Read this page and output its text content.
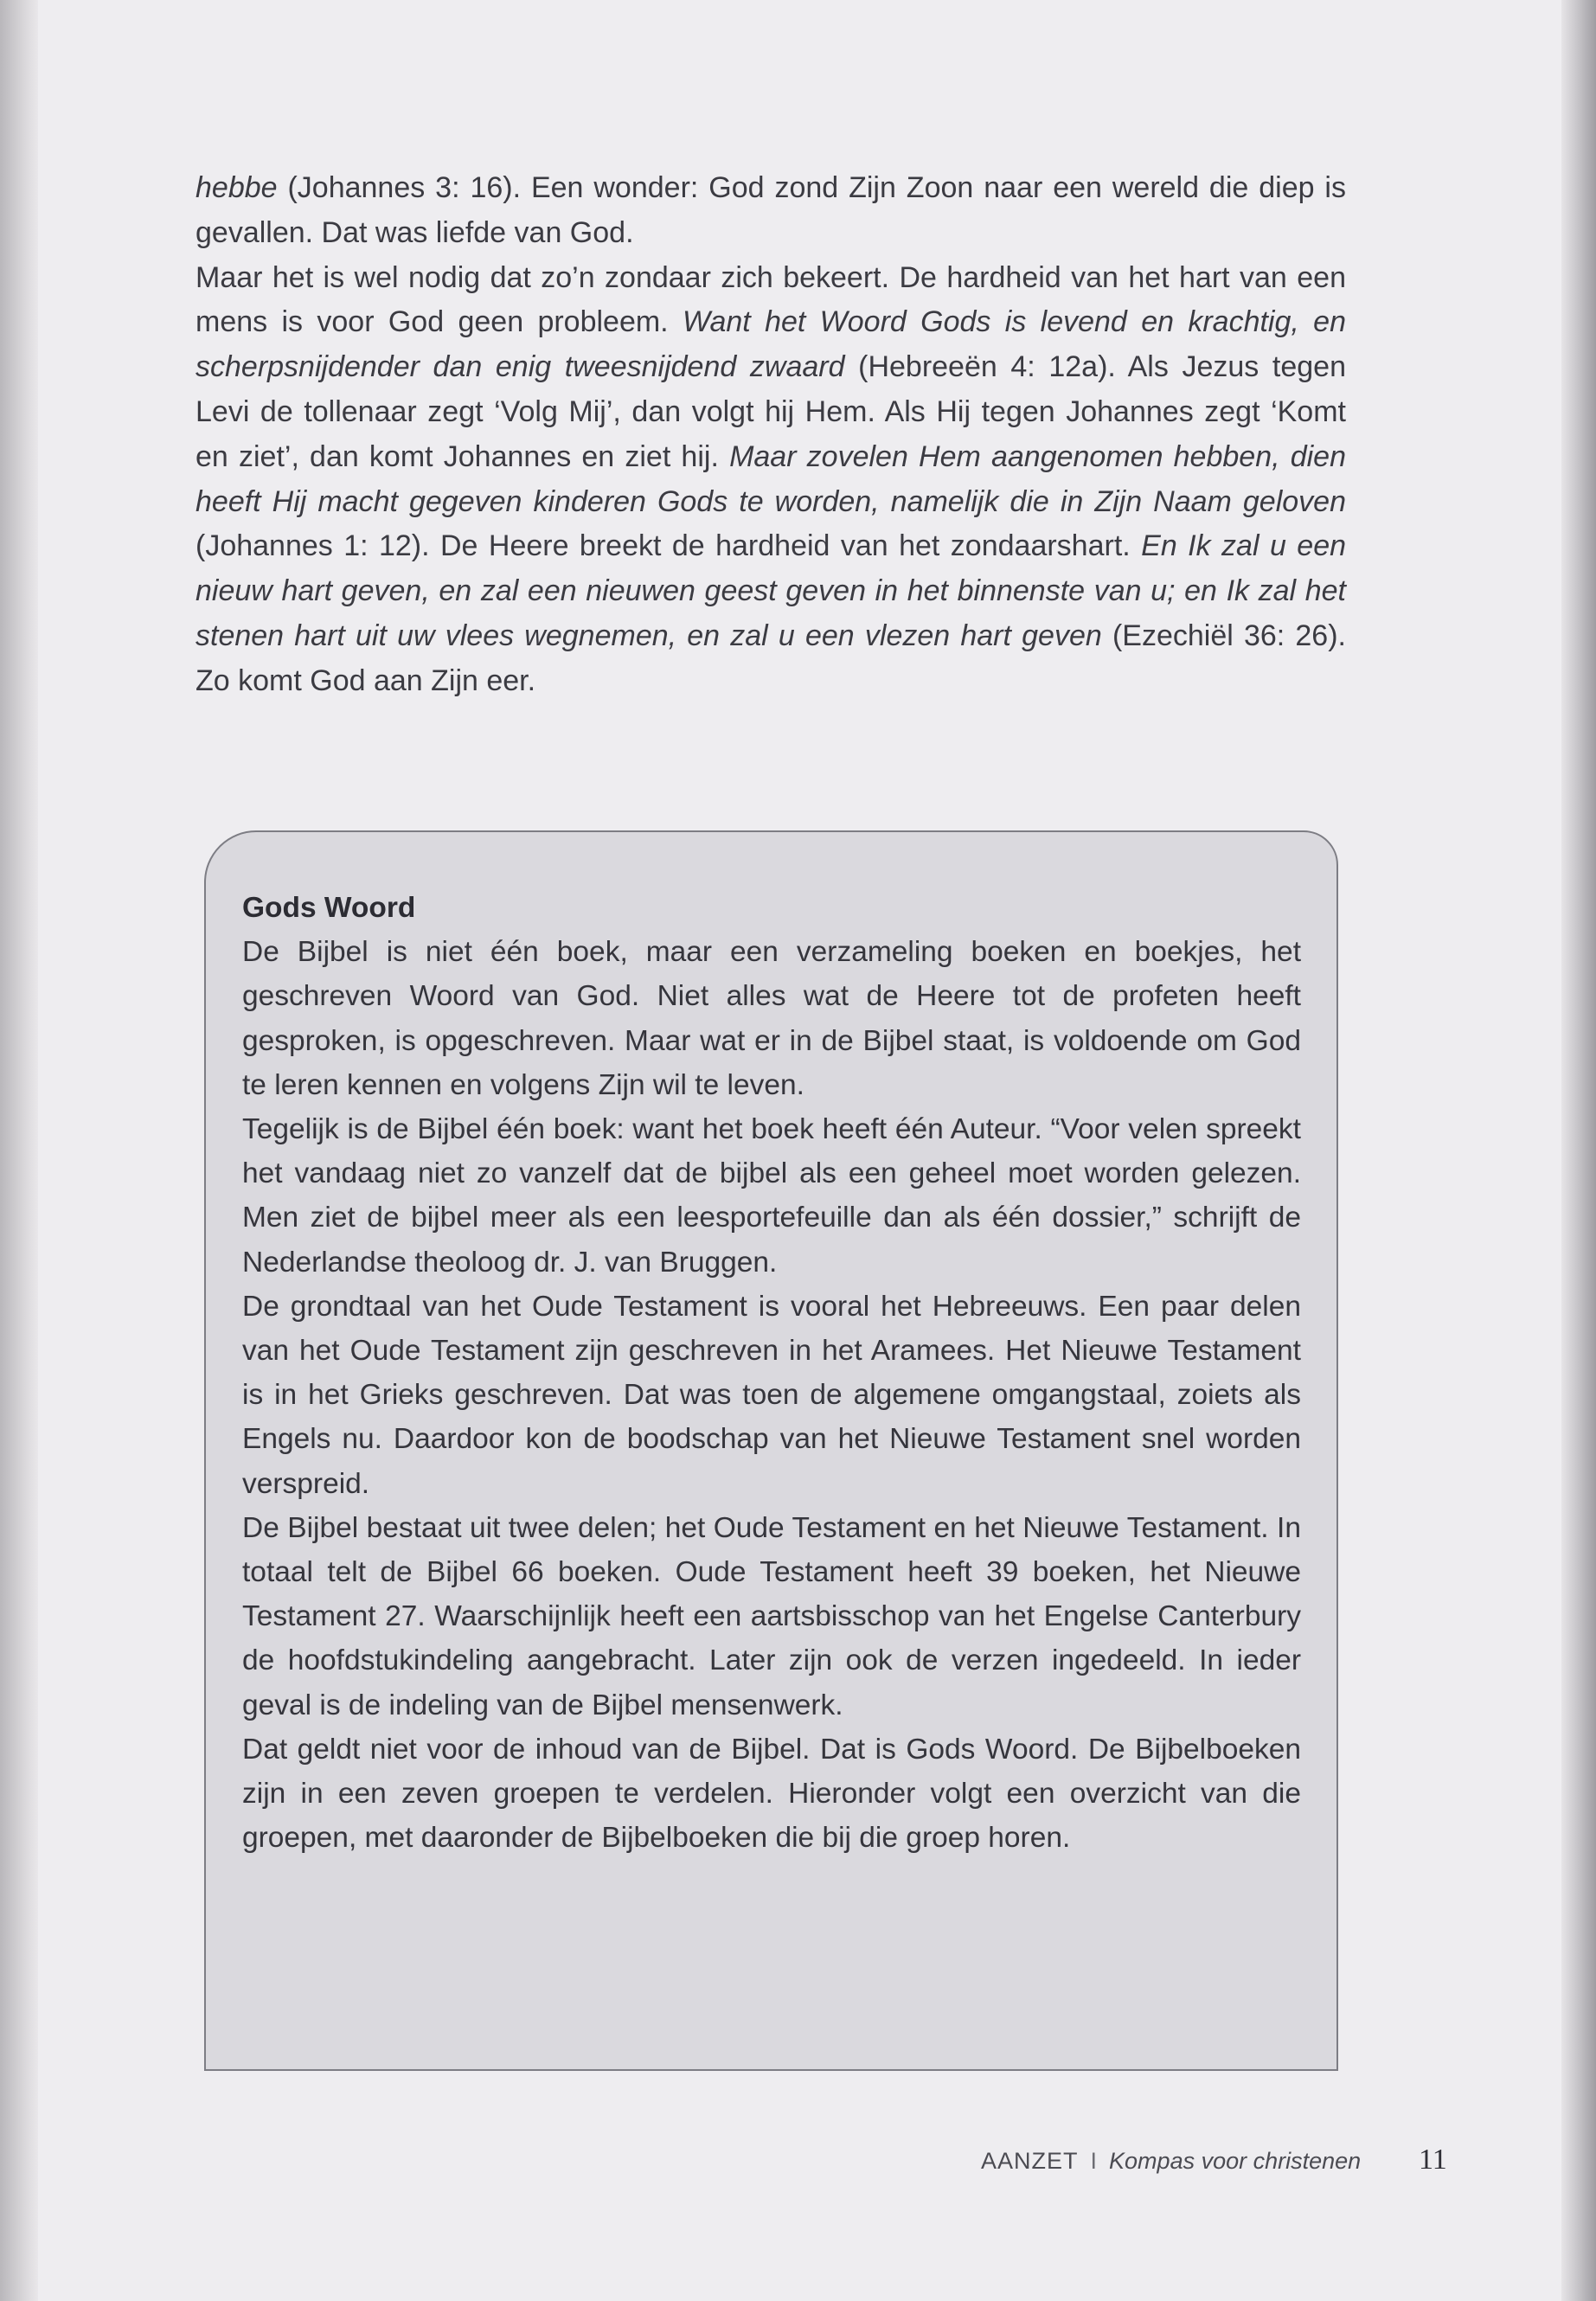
hebbe (Johannes 3: 16). Een wonder: God zond Zijn Zoon naar een wereld die diep is gevallen. Dat was liefde van God.

Maar het is wel nodig dat zo’n zondaar zich bekeert. De hardheid van het hart van een mens is voor God geen probleem. Want het Woord Gods is levend en krachtig, en scherpsnijdender dan enig tweesnijdend zwaard (Hebreeën 4: 12a). Als Jezus tegen Levi de tollenaar zegt ‘Volg Mij’, dan volgt hij Hem. Als Hij tegen Johannes zegt ‘Komt en ziet’, dan komt Johannes en ziet hij. Maar zovelen Hem aangenomen hebben, dien heeft Hij macht gegeven kinderen Gods te worden, namelijk die in Zijn Naam geloven (Johannes 1: 12). De Heere breekt de hardheid van het zondaarshart. En Ik zal u een nieuw hart geven, en zal een nieuwen geest geven in het binnenste van u; en Ik zal het stenen hart uit uw vlees wegnemen, en zal u een vlezen hart geven (Ezechiël 36: 26). Zo komt God aan Zijn eer.

Gods Woord

De Bijbel is niet één boek, maar een verzameling boeken en boekjes, het geschreven Woord van God. Niet alles wat de Heere tot de profeten heeft gesproken, is opgeschreven. Maar wat er in de Bijbel staat, is voldoende om God te leren kennen en volgens Zijn wil te leven.

Tegelijk is de Bijbel één boek: want het boek heeft één Auteur. “Voor velen spreekt het vandaag niet zo vanzelf dat de bijbel als een geheel moet worden gelezen. Men ziet de bijbel meer als een leesportefeuille dan als één dossier,” schrijft de Nederlandse theoloog dr. J. van Bruggen.

De grondtaal van het Oude Testament is vooral het Hebreeuws. Een paar delen van het Oude Testament zijn geschreven in het Aramees. Het Nieuwe Testament is in het Grieks geschreven. Dat was toen de algemene omgangstaal, zoiets als Engels nu. Daardoor kon de boodschap van het Nieuwe Testament snel worden verspreid.

De Bijbel bestaat uit twee delen; het Oude Testament en het Nieuwe Testament. In totaal telt de Bijbel 66 boeken. Oude Testament heeft 39 boeken, het Nieuwe Testament 27. Waarschijnlijk heeft een aartsbisschop van het Engelse Canterbury de hoofdstukindeling aangebracht. Later zijn ook de verzen ingedeeld. In ieder geval is de indeling van de Bijbel mensenwerk.

Dat geldt niet voor de inhoud van de Bijbel. Dat is Gods Woord. De Bijbelboeken zijn in een zeven groepen te verdelen. Hieronder volgt een overzicht van die groepen, met daaronder de Bijbelboeken die bij die groep horen.

AANZET I Kompas voor christenen	11
